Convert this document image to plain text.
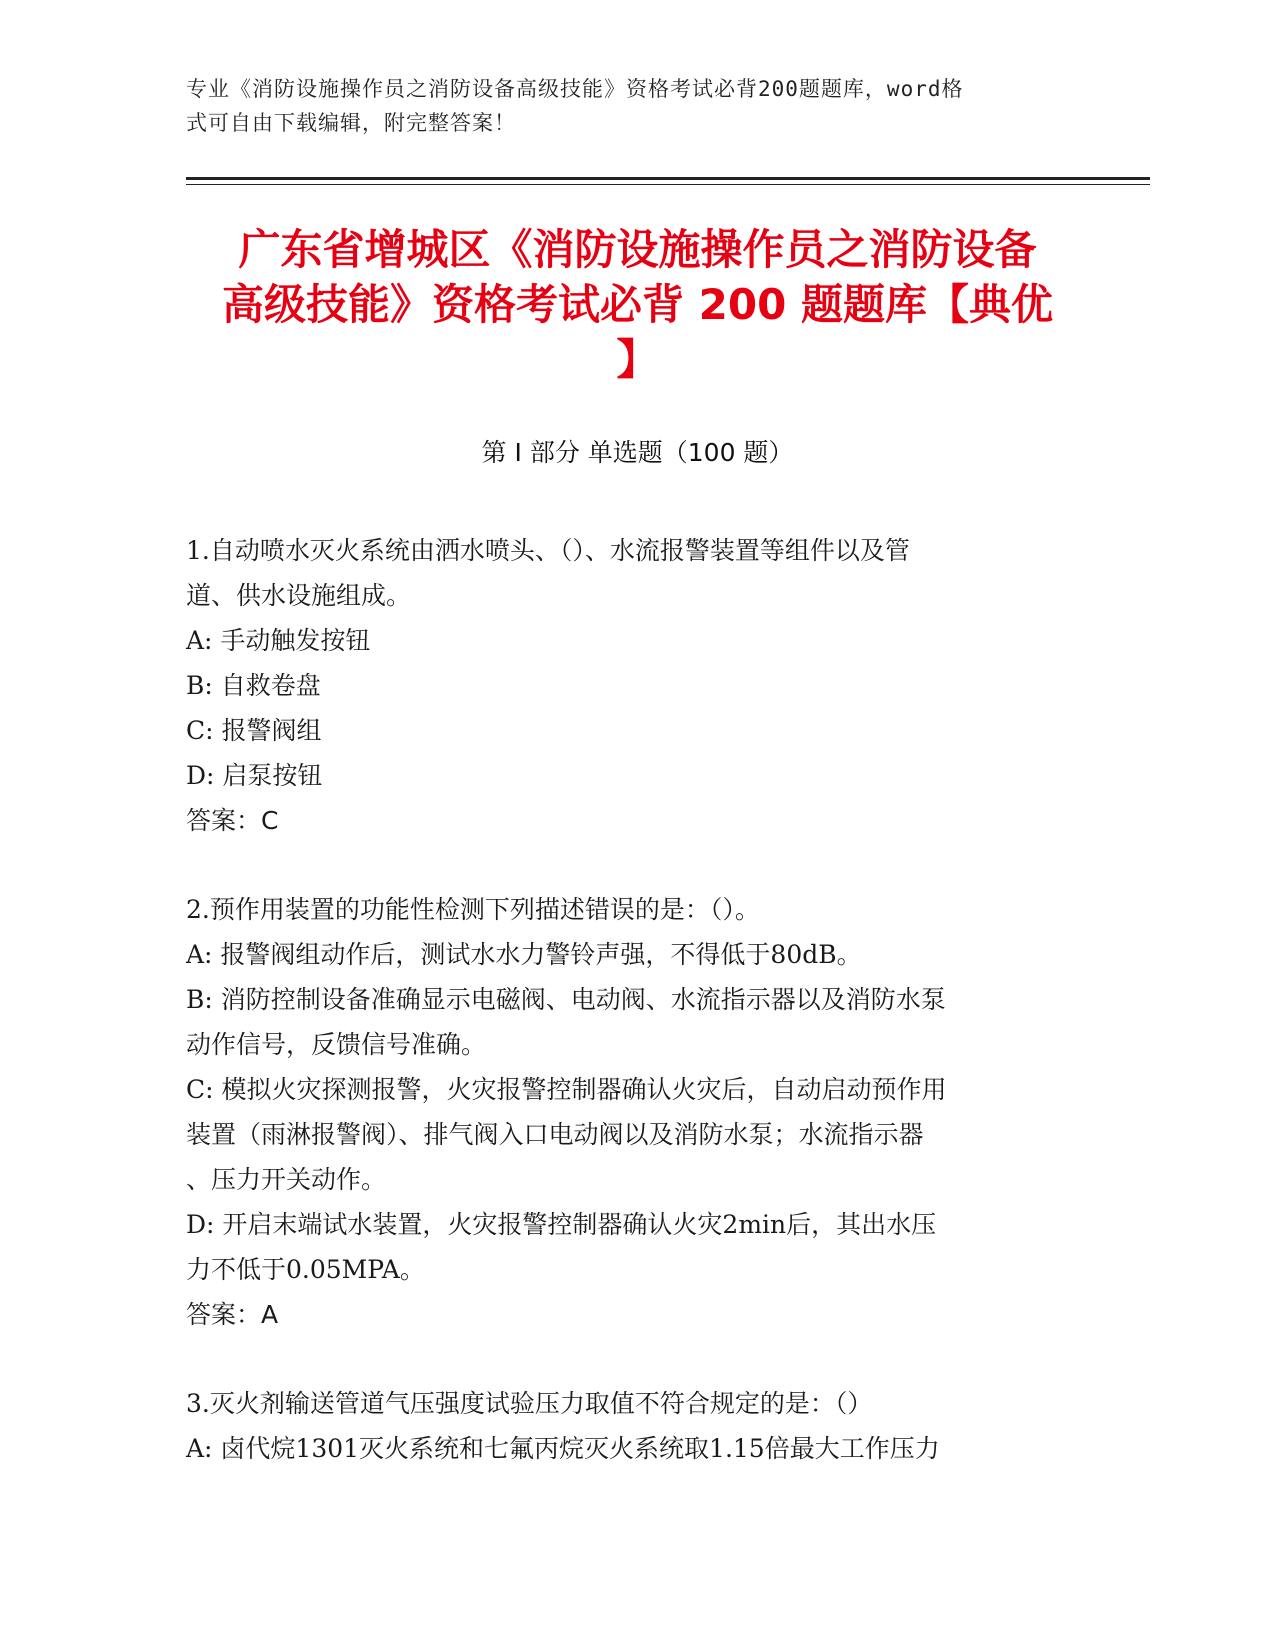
专业《消防设施操作员之消防设备高级技能》资格考试必背200题题库，word格
式可自由下载编辑，附完整答案！
广东省增城区《消防设施操作员之消防设备
高级技能》资格考试必背 200 题题库【典优
】
第 I 部分 单选题（100 题）

1.自动喷水灭火系统由洒水喷头、（）、水流报警装置等组件以及管

道、供水设施组成。

A: 手动触发按钮

B: 自救卷盘

C: 报警阀组

D: 启泵按钮

答案：C

2.预作用装置的功能性检测下列描述错误的是：（）。

A: 报警阀组动作后，测试水水力警铃声强，不得低于80dB。

B: 消防控制设备准确显示电磁阀、电动阀、水流指示器以及消防水泵

动作信号，反馈信号准确。

C: 模拟火灾探测报警，火灾报警控制器确认火灾后，自动启动预作用

装置（雨淋报警阀）、排气阀入口电动阀以及消防水泵；水流指示器

、压力开关动作。

D: 开启末端试水装置，火灾报警控制器确认火灾2min后，其出水压

力不低于0.05MPA。

答案：A

3.灭火剂输送管道气压强度试验压力取值不符合规定的是：（）

A: 卤代烷1301灭火系统和七氟丙烷灭火系统取1.15倍最大工作压力
